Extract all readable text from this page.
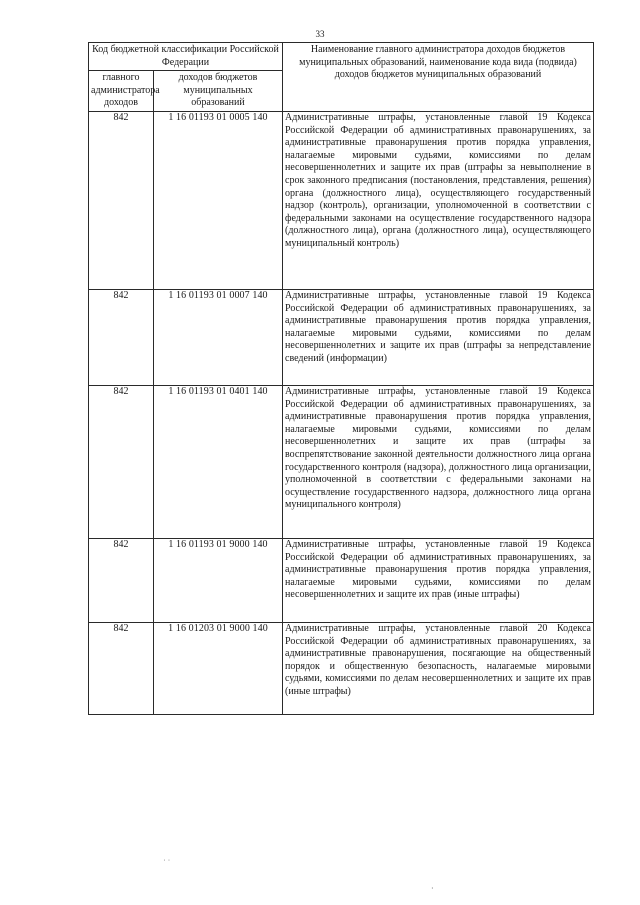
33
Код бюджетной классификации Российской Федерации		Наименование главного администратора доходов бюджетов муниципальных образований, наименование кода вида (подвида) доходов бюджетов муниципальных образований
главного администратора доходов	доходов бюджетов муниципальных образований	
842	1 16 01193 01 0005 140	Административные штрафы, установленные главой 19 Кодекса Российской Федерации об административных правонарушениях, за административные правонарушения против порядка управления, налагаемые мировыми судьями, комиссиями по делам несовершеннолетних и защите их прав (штрафы за невыполнение в срок законного предписания (постановления, представления, решения) органа (должностного лица), осуществляющего государственный надзор (контроль), организации, уполномоченной в соответствии с федеральными законами на осуществление государственного надзора (должностного лица), органа (должностного лица), осуществляющего муниципальный контроль)
842	1 16 01193 01 0007 140	Административные штрафы, установленные главой 19 Кодекса Российской Федерации об административных правонарушениях, за административные правонарушения против порядка управления, налагаемые мировыми судьями, комиссиями по делам несовершеннолетних и защите их прав (штрафы за непредставление сведений (информации)
842	1 16 01193 01 0401 140	Административные штрафы, установленные главой 19 Кодекса Российской Федерации об административных правонарушениях, за административные правонарушения против порядка управления, налагаемые мировыми судьями, комиссиями по делам несовершеннолетних и защите их прав (штрафы за воспрепятствование законной деятельности должностного лица органа государственного контроля (надзора), должностного лица организации, уполномоченной в соответствии с федеральными законами на осуществление государственного надзора, должностного лица органа муниципального контроля)
842	1 16 01193 01 9000 140	Административные штрафы, установленные главой 19 Кодекса Российской Федерации об административных правонарушениях, за административные правонарушения против порядка управления, налагаемые мировыми судьями, комиссиями по делам несовершеннолетних и защите их прав (иные штрафы)
842	1 16 01203 01 9000 140	Административные штрафы, установленные главой 20 Кодекса Российской Федерации об административных правонарушениях, за административные правонарушения, посягающие на общественный порядок и общественную безопасность, налагаемые мировыми судьями, комиссиями по делам несовершеннолетних и защите их прав (иные штрафы)
˙ ˙
·
